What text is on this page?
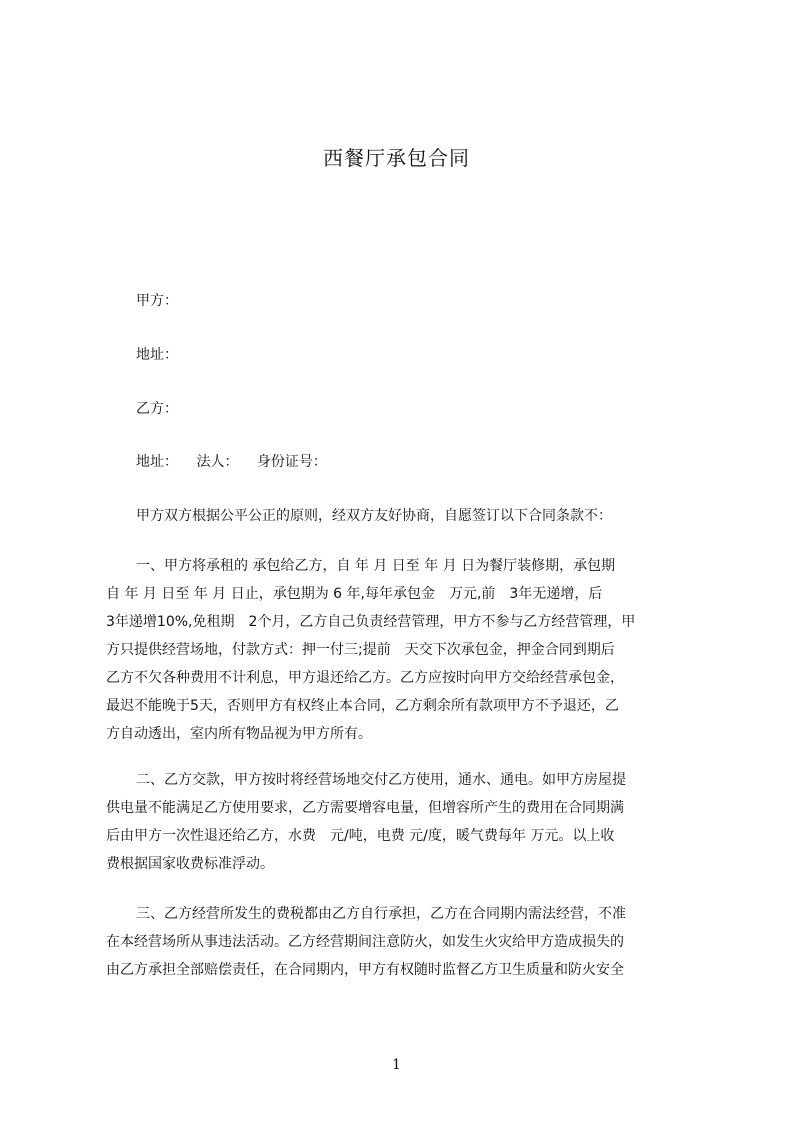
西餐厅承包合同
甲方：
地址：
乙方：
地址： 法人： 身份证号：
甲方双方根据公平公正的原则，经双方友好协商，自愿签订以下合同条款不：
一、甲方将承租的 承包给乙方，自 年 月 日至 年 月 日为餐厅装修期，承包期
自 年 月 日至 年 月 日止，承包期为 6 年,每年承包金　万元,前　3年无递增，后
3年递增10%,免租期　2个月，乙方自己负责经营管理，甲方不参与乙方经营管理，甲
方只提供经营场地，付款方式：押一付三;提前　天交下次承包金，押金合同到期后
乙方不欠各种费用不计利息，甲方退还给乙方。乙方应按时向甲方交给经营承包金，
最迟不能晚于5天，否则甲方有权终止本合同，乙方剩余所有款项甲方不予退还，乙
方自动透出，室内所有物品视为甲方所有。
二、乙方交款，甲方按时将经营场地交付乙方使用，通水、通电。如甲方房屋提
供电量不能满足乙方使用要求，乙方需要增容电量，但增容所产生的费用在合同期满
后由甲方一次性退还给乙方，水费　元/吨，电费 元/度，暖气费每年 万元。以上收
费根据国家收费标准浮动。
三、乙方经营所发生的费税都由乙方自行承担，乙方在合同期内需法经营，不准
在本经营场所从事违法活动。乙方经营期间注意防火，如发生火灾给甲方造成损失的
由乙方承担全部赔偿责任，在合同期内，甲方有权随时监督乙方卫生质量和防火安全
1
